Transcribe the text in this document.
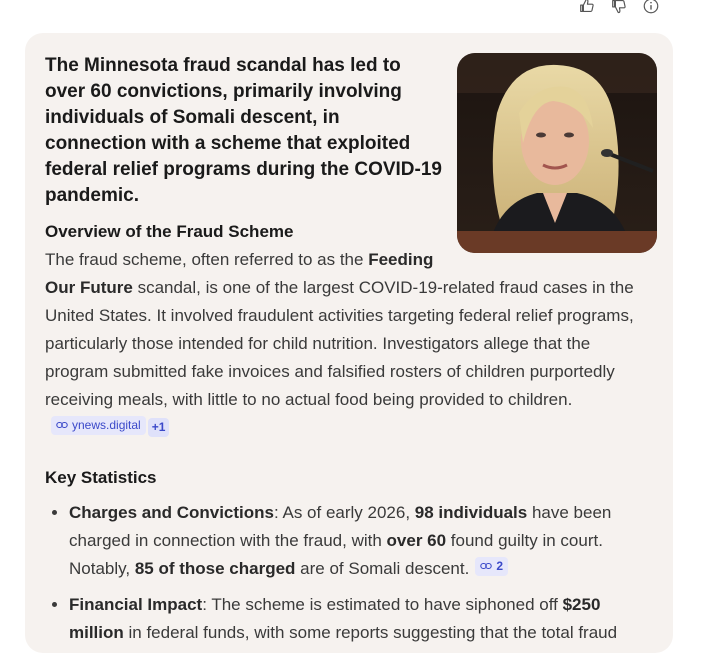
The Minnesota fraud scandal has led to over 60 convictions, primarily involving individuals of Somali descent, in connection with a scheme that exploited federal relief programs during the COVID-19 pandemic.
Overview of the Fraud Scheme

The fraud scheme, often referred to as the Feeding Our Future scandal, is one of the largest COVID-19-related fraud cases in the United States. It involved fraudulent activities targeting federal relief programs, particularly those intended for child nutrition. Investigators allege that the program submitted fake invoices and falsified rosters of children purportedly receiving meals, with little to no actual food being provided to children.
ynews.digital +1

Key Statistics
• Charges and Convictions: As of early 2026, 98 individuals have been charged in connection with the fraud, with over 60 found guilty in court. Notably, 85 of those charged are of Somali descent. 2
• Financial Impact: The scheme is estimated to have siphoned off $250 million in federal funds, with some reports suggesting that the total fraud
